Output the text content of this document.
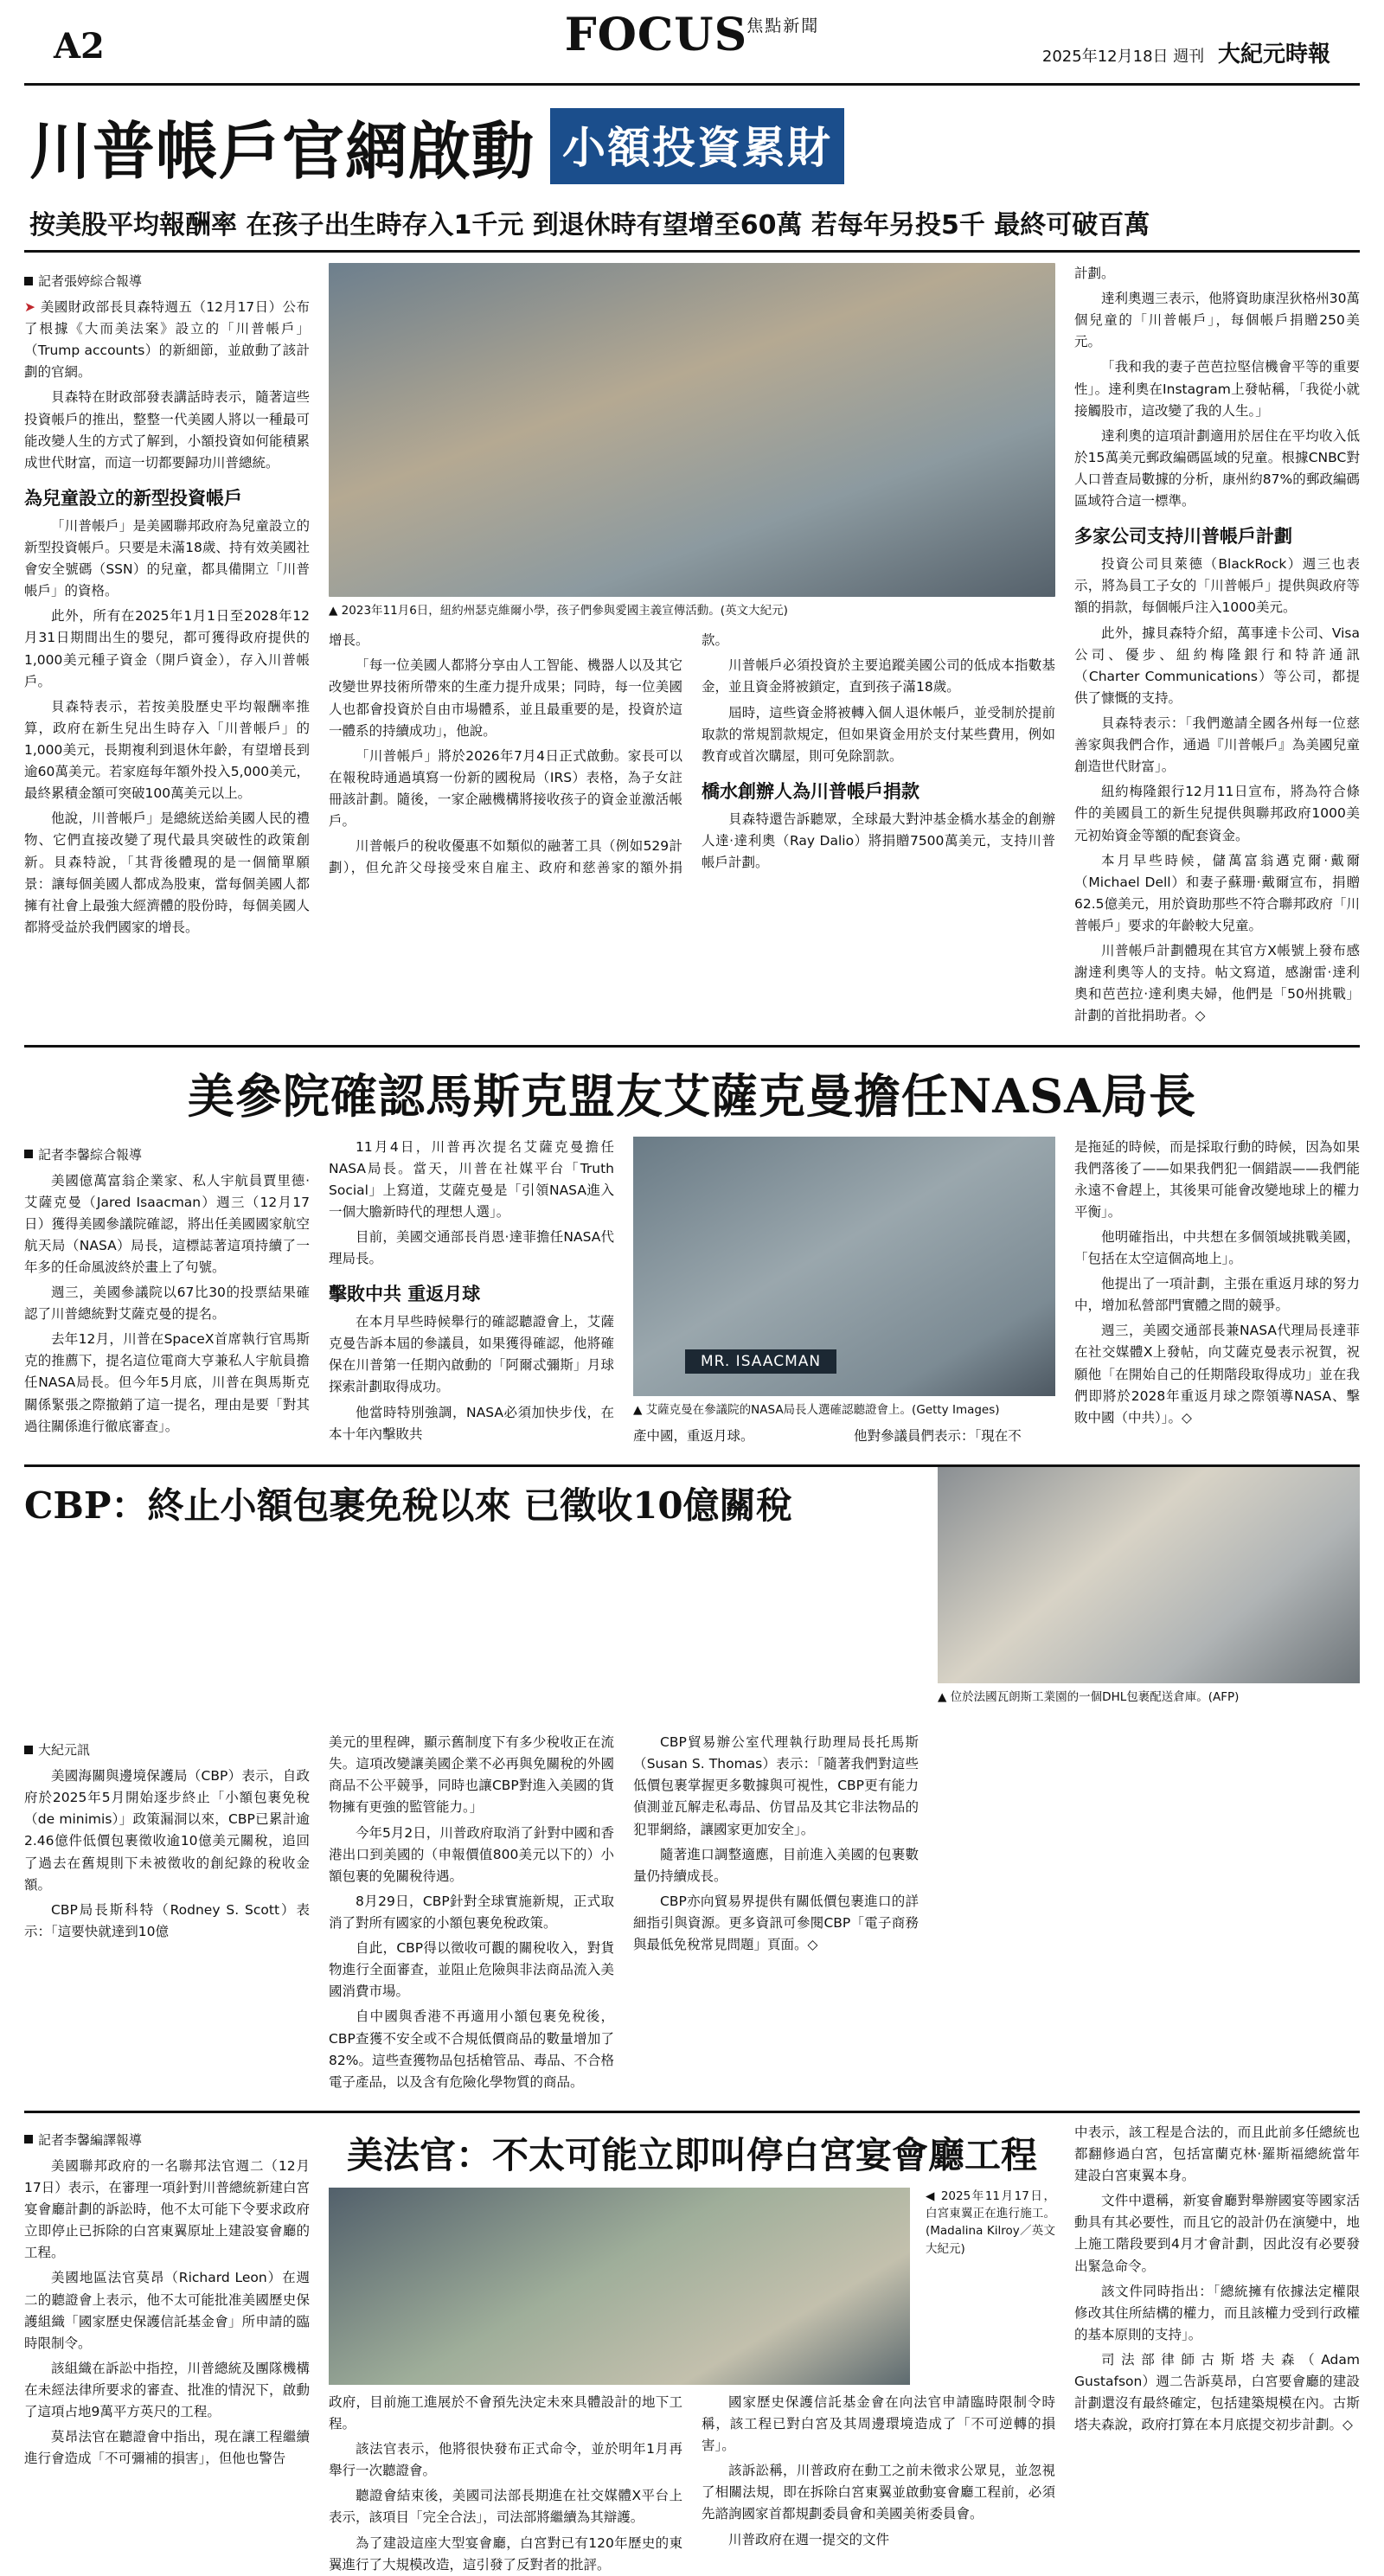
A2	FOCUS 焦點新聞
2025年12月18日 週刊 大紀元時報
川普帳戶官網啟動 小額投資累財
按美股平均報酬率 在孩子出生時存入1千元 到退休時有望增至60萬 若每年另投5千 最終可破百萬
記者張婷綜合報導

➤ 美國財政部長貝森特週五（12月17日）公布了根據《大而美法案》設立的「川普帳戶」（Trump accounts）的新細節，並啟動了該計劃的官網。

貝森特在財政部發表講話時表示，隨著這些投資帳戶的推出，整整一代美國人將以一種最可能改變人生的方式了解到，小額投資如何能積累成世代財富，而這一切都要歸功川普總統。

為兒童設立的新型投資帳戶

「川普帳戶」是美國聯邦政府為兒童設立的新型投資帳戶。只要是未滿18歲、持有效美國社會安全號碼（SSN）的兒童，都具備開立「川普帳戶」的資格。

此外，所有在2025年1月1日至2028年12月31日期間出生的嬰兒，都可獲得政府提供的1,000美元種子資金（開戶資金），存入川普帳戶。

貝森特表示，若按美股歷史平均報酬率推算，政府在新生兒出生時存入「川普帳戶」的1,000美元，長期複利到退休年齡，有望增長到逾60萬美元。若家庭每年額外投入5,000美元，最終累積金額可突破100萬美元以上。

他說，川普帳戶」是總統送給美國人民的禮物、它們直接改變了現代最具突破性的政策創新。貝森特說，「其背後體現的是一個簡單願景：讓每個美國人都成為股東，當每個美國人都擁有社會上最強大經濟體的股份時，每個美國人都將受益於我們國家的增長。

▲ 2023年11月6日，紐約州瑟克維爾小學，孩子們參與愛國主義宣傳活動。(英文大紀元)

增長。

「每一位美國人都將分享由人工智能、機器人以及其它改變世界技術所帶來的生產力提升成果；同時，每一位美國人也都會投資於自由市場體系，並且最重要的是，投資於這一體系的持續成功」，他說。

「川普帳戶」將於2026年7月4日正式啟動。家長可以在報稅時通過填寫一份新的國稅局（IRS）表格，為子女註冊該計劃。隨後，一家企融機構將接收孩子的資金並激活帳戶。

川普帳戶的稅收優惠不如類似的融著工具（例如529計劃），但允許父母接受來自雇主、政府和慈善家的額外捐款。

川普帳戶必須投資於主要追蹤美國公司的低成本指數基金，並且資金將被鎖定，直到孩子滿18歲。

屆時，這些資金將被轉入個人退休帳戶，並受制於提前取款的常規罰款規定，但如果資金用於支付某些費用，例如教育或首次購屋，則可免除罰款。

橋水創辦人為川普帳戶捐款

貝森特還告訴聽眾，全球最大對沖基金橋水基金的創辦人達·達利奧（Ray Dalio）將捐贈7500萬美元，支持川普帳戶計劃。

計劃。

達利奧週三表示，他將資助康涅狄格州30萬個兒童的「川普帳戶」，每個帳戶捐贈250美元。

「我和我的妻子芭芭拉堅信機會平等的重要性」。達利奧在Instagram上發帖稱，「我從小就接觸股市，這改變了我的人生。」

達利奧的這項計劃適用於居住在平均收入低於15萬美元郵政編碼區域的兒童。根據CNBC對人口普查局數據的分析，康州約87%的郵政編碼區域符合這一標準。

多家公司支持川普帳戶計劃

投資公司貝萊德（BlackRock）週三也表示，將為員工子女的「川普帳戶」提供與政府等額的捐款，每個帳戶注入1000美元。

此外，據貝森特介紹，萬事達卡公司、Visa公司、優步、紐約梅隆銀行和特許通訊（Charter Communications）等公司，都提供了慷慨的支持。

貝森特表示：「我們邀請全國各州每一位慈善家與我們合作，通過『川普帳戶』為美國兒童創造世代財富」。

紐約梅隆銀行12月11日宣布，將為符合條件的美國員工的新生兒提供與聯邦政府1000美元初始資金等額的配套資金。

本月早些時候，儲萬富翁邁克爾·戴爾（Michael Dell）和妻子蘇珊·戴爾宣布，捐贈62.5億美元，用於資助那些不符合聯邦政府「川普帳戶」要求的年齡較大兒童。

川普帳戶計劃體現在其官方X帳號上發布感謝達利奧等人的支持。帖文寫道，感謝雷·達利奧和芭芭拉·達利奧夫婦，他們是「50州挑戰」計劃的首批捐助者。◇

美參院確認馬斯克盟友艾薩克曼擔任NASA局長
記者李馨綜合報導

美國億萬富翁企業家、私人宇航員賈里德·艾薩克曼（Jared Isaacman）週三（12月17日）獲得美國參議院確認，將出任美國國家航空航天局（NASA）局長，這標誌著這項持續了一年多的任命風波終於畫上了句號。

週三，美國參議院以67比30的投票結果確認了川普總統對艾薩克曼的提名。

去年12月，川普在SpaceX首席執行官馬斯克的推薦下，提名這位電商大亨兼私人宇航員擔任NASA局長。但今年5月底，川普在與馬斯克關係緊張之際撤銷了這一提名，理由是要「對其過往關係進行徹底審查」。

11月4日，川普再次提名艾薩克曼擔任NASA局長。當天，川普在社媒平台「Truth Social」上寫道，艾薩克曼是「引領NASA進入一個大膽新時代的理想人選」。

目前，美國交通部長肖恩·達菲擔任NASA代理局長。

擊敗中共 重返月球

在本月早些時候舉行的確認聽證會上，艾薩克曼告訴本屆的參議員，如果獲得確認，他將確保在川普第一任期內啟動的「阿爾忒彌斯」月球探索計劃取得成功。

他當時特別強調，NASA必須加快步伐，在本十年內擊敗共

MR. ISAACMAN
▲ 艾薩克曼在參議院的NASA局長人選確認聽證會上。(Getty Images)

產中國，重返月球。	他對參議員們表示：「現在不

是拖延的時候，而是採取行動的時候，因為如果我們落後了——如果我們犯一個錯誤——我們能永遠不會趕上，其後果可能會改變地球上的權力平衡」。

他明確指出，中共想在多個領域挑戰美國，「包括在太空這個高地上」。

他提出了一項計劃，主張在重返月球的努力中，增加私營部門實體之間的競爭。

週三，美國交通部長兼NASA代理局長達菲在社交媒體X上發帖，向艾薩克曼表示祝賀，祝願他「在開始自己的任期階段取得成功」並在我們即將於2028年重返月球之際領導NASA、擊敗中國（中共）」。◇

CBP：終止小額包裹免稅以來 已徵收10億關稅
▲ 位於法國瓦朗斯工業園的一個DHL包裹配送倉庫。(AFP)
大紀元訊

美國海關與邊境保護局（CBP）表示，自政府於2025年5月開始逐步終止「小額包裹免稅（de minimis）」政策漏洞以來，CBP已累計逾2.46億件低價包裹徵收逾10億美元關稅，追回了過去在舊規則下未被徵收的創紀錄的稅收金額。

CBP局長斯科特（Rodney S. Scott）表示：「這要快就達到10億

美元的里程碑，顯示舊制度下有多少稅收正在流失。這項改變讓美國企業不必再與免關稅的外國商品不公平競爭，同時也讓CBP對進入美國的貨物擁有更強的監管能力。」

今年5月2日，川普政府取消了針對中國和香港出口到美國的（申報價值800美元以下的）小額包裹的免關稅待遇。

8月29日，CBP針對全球實施新規，正式取消了對所有國家的小額包裹免稅政策。

自此，CBP得以徵收可觀的關稅收入，對貨物進行全面審查，並阻止危險與非法商品流入美國消費市場。

自中國與香港不再適用小額包裹免稅後，CBP查獲不安全或不合規低價商品的數量增加了82%。這些查獲物品包括槍管品、毒品、不合格電子產品，以及含有危險化學物質的商品。

CBP貿易辦公室代理執行助理局長托馬斯（Susan S. Thomas）表示：「隨著我們對這些低價包裹掌握更多數據與可視性，CBP更有能力偵測並瓦解走私毒品、仿冒品及其它非法物品的犯罪網絡，讓國家更加安全」。

隨著進口調整適應，目前進入美國的包裹數量仍持續成長。

CBP亦向貿易界提供有關低價包裹進口的詳細指引與資源。更多資訊可參閱CBP「電子商務與最低免稅常見問題」頁面。◇

記者李馨編譯報導

美國聯邦政府的一名聯邦法官週二（12月17日）表示，在審理一項針對川普總統新建白宮宴會廳計劃的訴訟時，他不太可能下令要求政府立即停止已拆除的白宮東翼原址上建設宴會廳的工程。

美國地區法官莫昂（Richard Leon）在週二的聽證會上表示，他不太可能批准美國歷史保護組織「國家歷史保護信託基金會」所申請的臨時限制令。

該組織在訴訟中指控，川普總統及團隊機構在未經法律所要求的審查、批准的情況下，啟動了這項占地9萬平方英尺的工程。

莫昂法官在聽證會中指出，現在讓工程繼續進行會造成「不可彌補的損害」，但他也警告

美法官：不太可能立即叫停白宮宴會廳工程
◀ 2025年11月17日，白宮東翼正在進行施工。(Madalina Kilroy／英文大紀元)

政府，目前施工進展於不會預先決定未來具體設計的地下工程。

該法官表示，他將很快發布正式命令，並於明年1月再舉行一次聽證會。

聽證會結束後，美國司法部長期進在社交媒體X平台上表示，該項目「完全合法」，司法部將繼續為其辯護。

為了建設這座大型宴會廳，白宮對已有120年歷史的東翼進行了大規模改造，這引發了反對者的批評。

國家歷史保護信託基金會在向法官申請臨時限制令時稱，該工程已對白宮及其周邊環境造成了「不可逆轉的損害」。

該訴訟稱，川普政府在動工之前未徵求公眾見，並忽視了相關法規，即在拆除白宮東翼並啟動宴會廳工程前，必須先諮詢國家首都規劃委員會和美國美術委員會。

川普政府在週一提交的文件

中表示，該工程是合法的，而且此前多任總統也都翻修過白宮，包括富蘭克林·羅斯福總統當年建設白宮東翼本身。

文件中還稱，新宴會廳對舉辦國宴等國家活動具有其必要性，而且它的設計仍在演變中，地上施工階段要到4月才會計劃，因此沒有必要發出緊急命令。

該文件同時指出：「總統擁有依據法定權限修改其住所結構的權力，而且該權力受到行政權的基本原則的支持」。

司法部律師古斯塔夫森（Adam Gustafson）週二告訴莫昂，白宮要會廳的建設計劃還沒有最終確定，包括建築規模在內。古斯塔夫森說，政府打算在本月底提交初步計劃。◇
